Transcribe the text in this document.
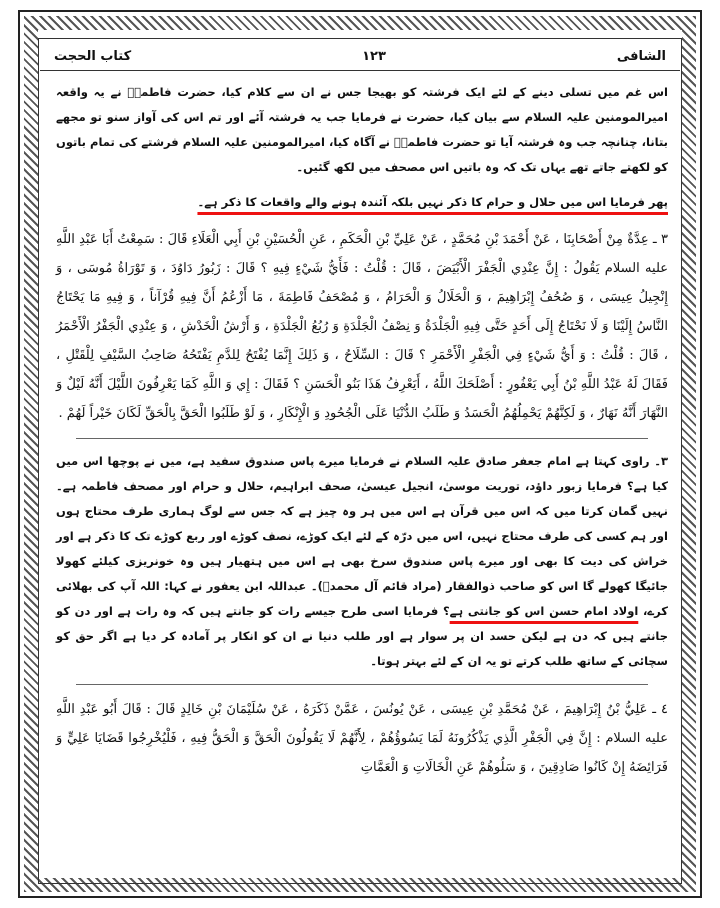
الشافی
۱۲۳
کتاب الحجت
اس غم میں تسلی دینے کے لئے ایک فرشتہ کو بھیجا جس نے ان سے کلام کیا، حضرت فاطمہؑ نے یہ واقعہ امیرالمومنین علیہ السلام سے بیان کیا، حضرت نے فرمایا جب یہ فرشتہ آئے اور تم اس کی آواز سنو تو مجھے بتانا، چنانچہ جب وہ فرشتہ آیا تو حضرت فاطمہؑ نے آگاہ کیا، امیرالمومنین علیہ السلام فرشتے کی تمام باتوں کو لکھتے جاتے تھے یہاں تک کہ وہ باتیں اس مصحف میں لکھ گئیں۔
پھر فرمایا اس میں حلال و حرام کا ذکر نہیں بلکہ آئندہ ہونے والے واقعات کا ذکر ہے۔
٣ ـ عِدَّةٌ مِنْ أَصْحَابِنَا ، عَنْ أَحْمَدَ بْنِ مُحَمَّدٍ ، عَنْ عَلِيِّ بْنِ الْحَكَمِ ، عَنِ الْحُسَيْنِ بْنِ أَبِي الْعَلَاءِ قَالَ : سَمِعْتُ أَبَا عَبْدِ اللَّهِ عليه السلام يَقُولُ : إِنَّ عِنْدِي الْجَفْرَ الْأَبْيَضَ ، قَالَ : قُلْتُ : فَأَيُّ شَيْءٍ فِيهِ ؟ قَالَ : زَبُورُ دَاوُدَ ، وَ تَوْرَاةُ مُوسَى ، وَ إِنْجِيلُ عِيسَى ، وَ صُحُفُ إِبْرَاهِيمَ ، وَ الْحَلَالُ وَ الْحَرَامُ ، وَ مُصْحَفُ فَاطِمَةَ ، مَا أَزْعُمُ أَنَّ فِيهِ قُرْآناً ، وَ فِيهِ مَا يَحْتَاجُ النَّاسُ إِلَيْنَا وَ لَا نَحْتَاجُ إِلَى أَحَدٍ حَتَّى فِيهِ الْجَلْدَةُ وَ نِصْفُ الْجَلْدَةِ وَ رُبُعُ الْجَلْدَةِ ، وَ أَرْشُ الْخَدْشِ ، وَ عِنْدِي الْجَفْرُ الْأَحْمَرُ ، قَالَ : قُلْتُ : وَ أَيُّ شَيْءٍ فِي الْجَفْرِ الْأَحْمَرِ ؟ قَالَ : السِّلَاحُ ، وَ ذَلِكَ إِنَّمَا يُفْتَحُ لِلدَّمِ يَفْتَحُهُ صَاحِبُ السَّيْفِ لِلْقَتْلِ ، فَقَالَ لَهُ عَبْدُ اللَّهِ بْنُ أَبِي يَعْفُورٍ : أَصْلَحَكَ اللَّهُ ، أَيَعْرِفُ هَذَا بَنُو الْحَسَنِ ؟ فَقَالَ : إِي وَ اللَّهِ كَمَا يَعْرِفُونَ اللَّيْلَ أَنَّهُ لَيْلٌ وَ النَّهَارَ أَنَّهُ نَهَارٌ ، وَ لَكِنَّهُمْ يَحْمِلُهُمُ الْحَسَدُ وَ طَلَبُ الدُّنْيَا عَلَى الْجُحُودِ وَ الْإِنْكَارِ ، وَ لَوْ طَلَبُوا الْحَقَّ بِالْحَقِّ لَكَانَ خَيْراً لَهُمْ .
۳۔ راوی کہتا ہے امام جعفر صادق علیہ السلام نے فرمایا میرے پاس صندوق سفید ہے، میں نے پوچھا اس میں کیا ہے؟ فرمایا زبور داؤد، توریت موسیٰ، انجیل عیسیٰ، صحف ابراہیم، حلال و حرام اور مصحف فاطمہ ہے۔ نہیں گمان کرتا میں کہ اس میں قرآن ہے اس میں ہر وہ چیز ہے کہ جس سے لوگ ہماری طرف محتاج ہوں اور ہم کسی کی طرف محتاج نہیں، اس میں درّہ کے لئے ایک کوڑے، نصف کوڑے اور ربع کوڑے تک کا ذکر ہے اور خراش کی دیت کا بھی اور میرے پاس صندوق سرخ بھی ہے اس میں ہتھیار ہیں وہ خونریزی کیلئے کھولا جائیگا کھولے گا اس کو صاحب ذوالفقار (مراد قائم آل محمدؐ)۔ عبداللہ ابن یعفور نے کہا: اللہ آپ کی بھلائی کرے، اولاد امام حسن اس کو جانتی ہے؟ فرمایا اسی طرح جیسے رات کو جانتے ہیں کہ وہ رات ہے اور دن کو جانتے ہیں کہ دن ہے لیکن حسد ان پر سوار ہے اور طلب دنیا نے ان کو انکار پر آمادہ کر دیا ہے اگر حق کو سچائی کے ساتھ طلب کرتے تو یہ ان کے لئے بہتر ہوتا۔
٤ ـ عَلِيُّ بْنُ إِبْرَاهِيمَ ، عَنْ مُحَمَّدِ بْنِ عِيسَى ، عَنْ يُونُسَ ، عَمَّنْ ذَكَرَهُ ، عَنْ سُلَيْمَانَ بْنِ خَالِدٍ قَالَ : قَالَ أَبُو عَبْدِ اللَّهِ عليه السلام : إِنَّ فِي الْجَفْرِ الَّذِي يَذْكُرُونَهُ لَمَا يَسُوؤُهُمْ ، لِأَنَّهُمْ لَا يَقُولُونَ الْحَقَّ وَ الْحَقُّ فِيهِ ، فَلْيُخْرِجُوا قَضَايَا عَلِيٍّ وَ فَرَائِضَهُ إِنْ كَانُوا صَادِقِينَ ، وَ سَلُوهُمْ عَنِ الْخَالَاتِ وَ الْعَمَّاتِ
